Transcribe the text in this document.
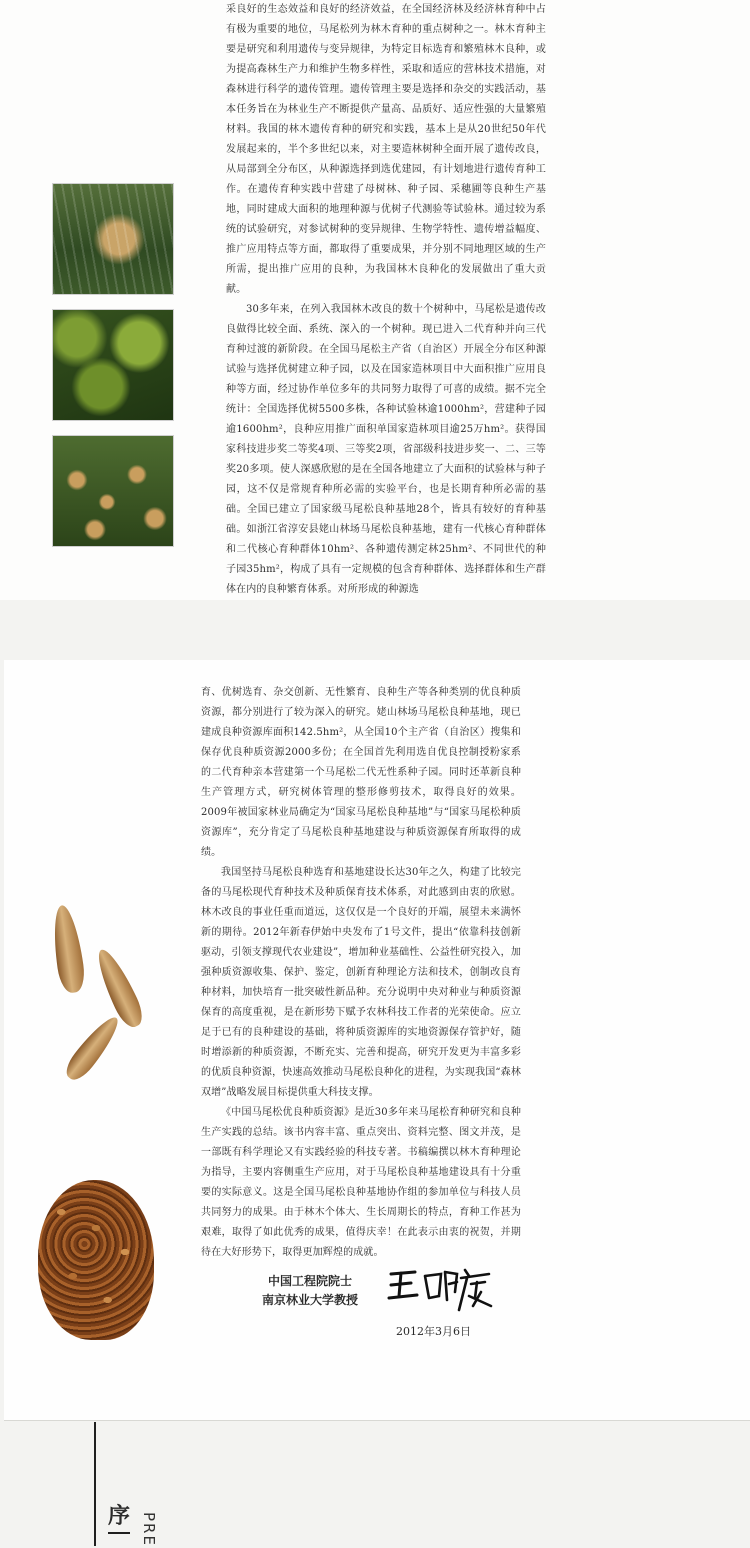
采良好的生态效益和良好的经济效益，在全国经济林及经济林育种中占有极为重要的地位，马尾松列为林木育种的重点树种之一。林木育种主要是研究和利用遗传与变异规律，为特定目标选育和繁殖林木良种，或为提高森林生产力和维护生物多样性，采取和适应的营林技术措施，对森林进行科学的遗传管理。遗传管理主要是选择和杂交的实践活动，基本任务旨在为林业生产不断提供产量高、品质好、适应性强的大量繁殖材料。我国的林木遗传育种的研究和实践，基本上是从20世纪50年代发展起来的，半个多世纪以来，对主要造林树种全面开展了遗传改良，从局部到全分布区，从种源选择到选优建园，有计划地进行遗传育种工作。在遗传育种实践中营建了母树林、种子园、采穗圃等良种生产基地，同时建成大面积的地理种源与优树子代测验等试验林。通过较为系统的试验研究，对参试树种的变异规律、生物学特性、遗传增益幅度、推广应用特点等方面，都取得了重要成果，并分别不同地理区域的生产所需，提出推广应用的良种，为我国林木良种化的发展做出了重大贡献。

30多年来，在列入我国林木改良的数十个树种中，马尾松是遗传改良做得比较全面、系统、深入的一个树种。现已进入二代育种并向三代育种过渡的新阶段。在全国马尾松主产省（自治区）开展全分布区种源试验与选择优树建立种子园，以及在国家造林项目中大面积推广应用良种等方面，经过协作单位多年的共同努力取得了可喜的成绩。据不完全统计：全国选择优树5500多株，各种试验林逾1000hm²，营建种子园逾1600hm²，良种应用推广面积单国家造林项目逾25万hm²。获得国家科技进步奖二等奖4项、三等奖2项，省部级科技进步奖一、二、三等奖20多项。使人深感欣慰的是在全国各地建立了大面积的试验林与种子园，这不仅是常规育种所必需的实验平台，也是长期育种所必需的基础。全国已建立了国家级马尾松良种基地28个，皆具有较好的育种基础。如浙江省淳安县姥山林场马尾松良种基地，建有一代核心育种群体和二代核心育种群体10hm²、各种遗传测定林25hm²、不同世代的种子园35hm²，构成了具有一定规模的包含育种群体、选择群体和生产群体在内的良种繁育体系。对所形成的种源选

育、优树选育、杂交创新、无性繁育、良种生产等各种类别的优良种质资源，都分别进行了较为深入的研究。姥山林场马尾松良种基地，现已建成良种资源库面积142.5hm²，从全国10个主产省（自治区）搜集和保存优良种质资源2000多份；在全国首先利用选自优良控制授粉家系的二代育种亲本营建第一个马尾松二代无性系种子园。同时还革新良种生产管理方式，研究树体管理的整形修剪技术，取得良好的效果。2009年被国家林业局确定为“国家马尾松良种基地”与“国家马尾松种质资源库”，充分肯定了马尾松良种基地建设与种质资源保育所取得的成绩。

我国坚持马尾松良种选育和基地建设长达30年之久，构建了比较完备的马尾松现代育种技术及种质保育技术体系，对此感到由衷的欣慰。林木改良的事业任重而道远，这仅仅是一个良好的开端，展望未来满怀新的期待。2012年新春伊始中央发布了1号文件，提出“依靠科技创新驱动，引领支撑现代农业建设”，增加种业基础性、公益性研究投入，加强种质资源收集、保护、鉴定，创新育种理论方法和技术，创制改良育种材料，加快培育一批突破性新品种。充分说明中央对种业与种质资源保育的高度重视，是在新形势下赋予农林科技工作者的光荣使命。应立足于已有的良种建设的基础，将种质资源库的实地资源保存管护好，随时增添新的种质资源，不断充实、完善和提高，研究开发更为丰富多彩的优质良种资源，快速高效推动马尾松良种化的进程，为实现我国“森林双增”战略发展目标提供重大科技支撑。

《中国马尾松优良种质资源》是近30多年来马尾松育种研究和良种生产实践的总结。该书内容丰富、重点突出、资料完整、图文并茂，是一部既有科学理论又有实践经验的科技专著。书稿编撰以林木育种理论为指导，主要内容侧重生产应用，对于马尾松良种基地建设具有十分重要的实际意义。这是全国马尾松良种基地协作组的参加单位与科技人员共同努力的成果。由于林木个体大、生长周期长的特点，育种工作甚为艰难，取得了如此优秀的成果，值得庆幸！在此表示由衷的祝贺，并期待在大好形势下，取得更加辉煌的成就。

中国工程院院士
南京林业大学教授
2012年3月6日
序 PRE
